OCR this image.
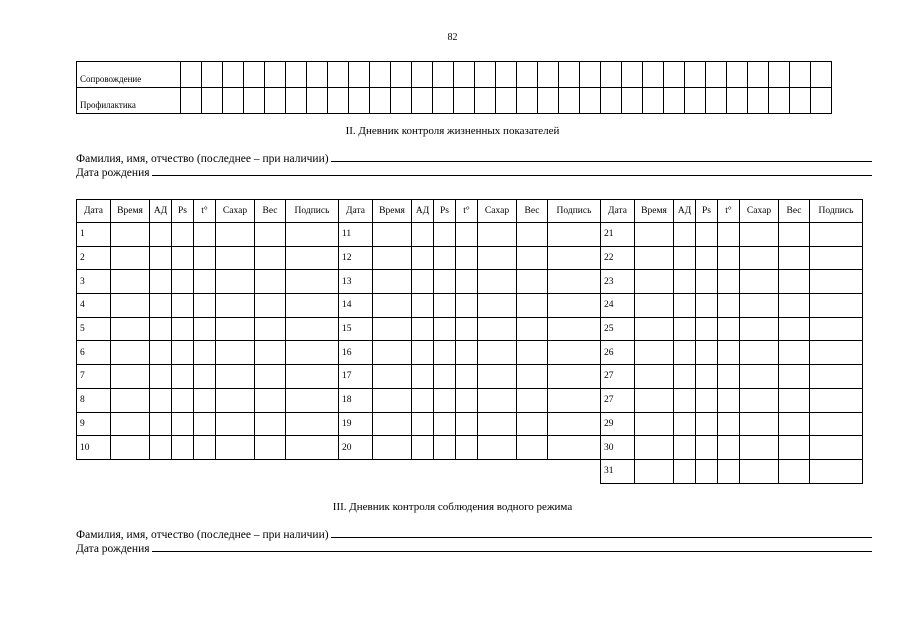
82
Сопровождение																															
Профилактика																															
II. Дневник контроля жизненных показателей
Фамилия, имя, отчество (последнее – при наличии)
Дата рождения
Дата	Время	АД	Ps	t°	Сахар	Вес	Подпись	Дата	Время	АД	Ps	t°	Сахар	Вес	Подпись	Дата	Время	АД	Ps	t°	Сахар	Вес	Подпись
1								11								21							
2								12								22							
3								13								23							
4								14								24							
5								15								25							
6								16								26							
7								17								27							
8								18								27							
9								19								29							
10								20								30							
																31							
III. Дневник контроля соблюдения водного режима
Фамилия, имя, отчество (последнее – при наличии)
Дата рождения
